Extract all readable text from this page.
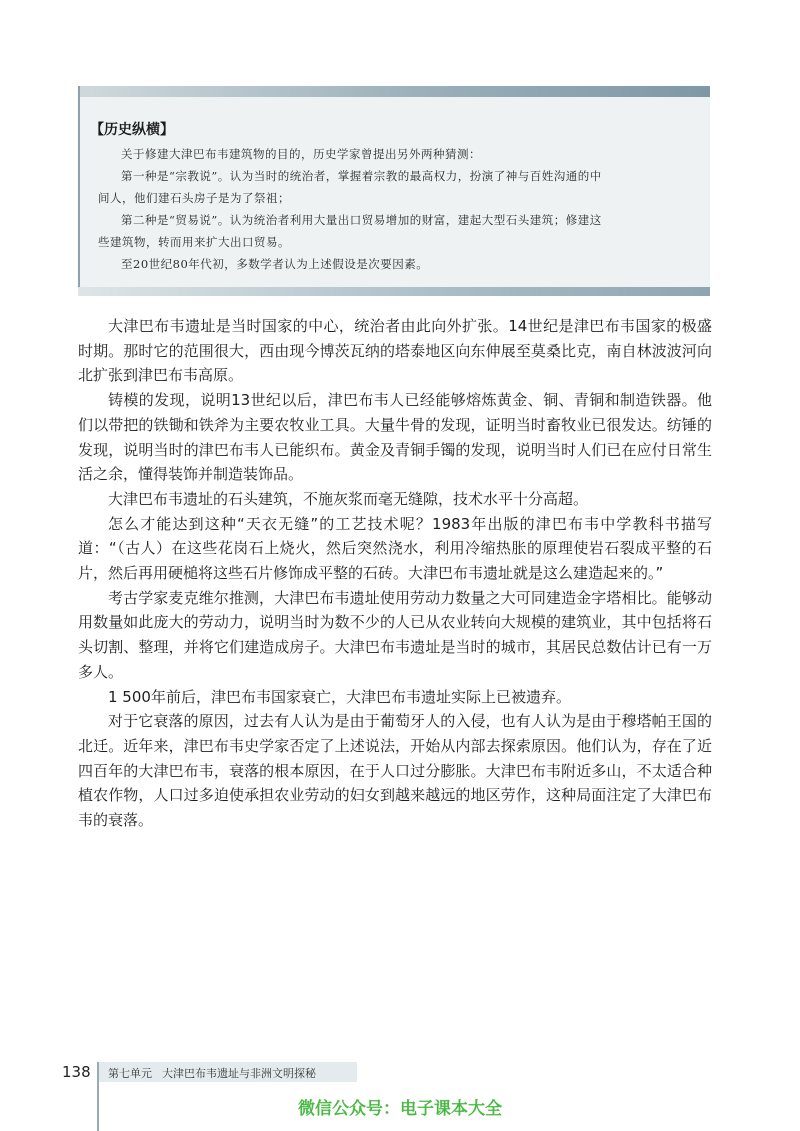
【历史纵横】

关于修建大津巴布韦建筑物的目的，历史学家曾提出另外两种猜测：

第一种是“宗教说”。认为当时的统治者，掌握着宗教的最高权力，扮演了神与百姓沟通的中

间人，他们建石头房子是为了祭祖；

第二种是“贸易说”。认为统治者利用大量出口贸易增加的财富，建起大型石头建筑；修建这

些建筑物，转而用来扩大出口贸易。

至20世纪80年代初，多数学者认为上述假设是次要因素。

大津巴布韦遗址是当时国家的中心，统治者由此向外扩张。14世纪是津巴布韦国家的极盛时期。那时它的范围很大，西由现今博茨瓦纳的塔泰地区向东伸展至莫桑比克，南自林波波河向北扩张到津巴布韦高原。

铸模的发现，说明13世纪以后，津巴布韦人已经能够熔炼黄金、铜、青铜和制造铁器。他们以带把的铁锄和铁斧为主要农牧业工具。大量牛骨的发现，证明当时畜牧业已很发达。纺锤的发现，说明当时的津巴布韦人已能织布。黄金及青铜手镯的发现，说明当时人们已在应付日常生活之余，懂得装饰并制造装饰品。

大津巴布韦遗址的石头建筑，不施灰浆而毫无缝隙，技术水平十分高超。

怎么才能达到这种“天衣无缝”的工艺技术呢？1983年出版的津巴布韦中学教科书描写道：“（古人）在这些花岗石上烧火，然后突然浇水，利用冷缩热胀的原理使岩石裂成平整的石片，然后再用硬槌将这些石片修饰成平整的石砖。大津巴布韦遗址就是这么建造起来的。”

考古学家麦克维尔推测，大津巴布韦遗址使用劳动力数量之大可同建造金字塔相比。能够动用数量如此庞大的劳动力，说明当时为数不少的人已从农业转向大规模的建筑业，其中包括将石头切割、整理，并将它们建造成房子。大津巴布韦遗址是当时的城市，其居民总数估计已有一万多人。

1 500年前后，津巴布韦国家衰亡，大津巴布韦遗址实际上已被遗弃。

对于它衰落的原因，过去有人认为是由于葡萄牙人的入侵，也有人认为是由于穆塔帕王国的北迁。近年来，津巴布韦史学家否定了上述说法，开始从内部去探索原因。他们认为，存在了近四百年的大津巴布韦，衰落的根本原因，在于人口过分膨胀。大津巴布韦附近多山，不太适合种植农作物，人口过多迫使承担农业劳动的妇女到越来越远的地区劳作，这种局面注定了大津巴布韦的衰落。

138 第七单元 大津巴布韦遗址与非洲文明探秘
微信公众号：电子课本大全
